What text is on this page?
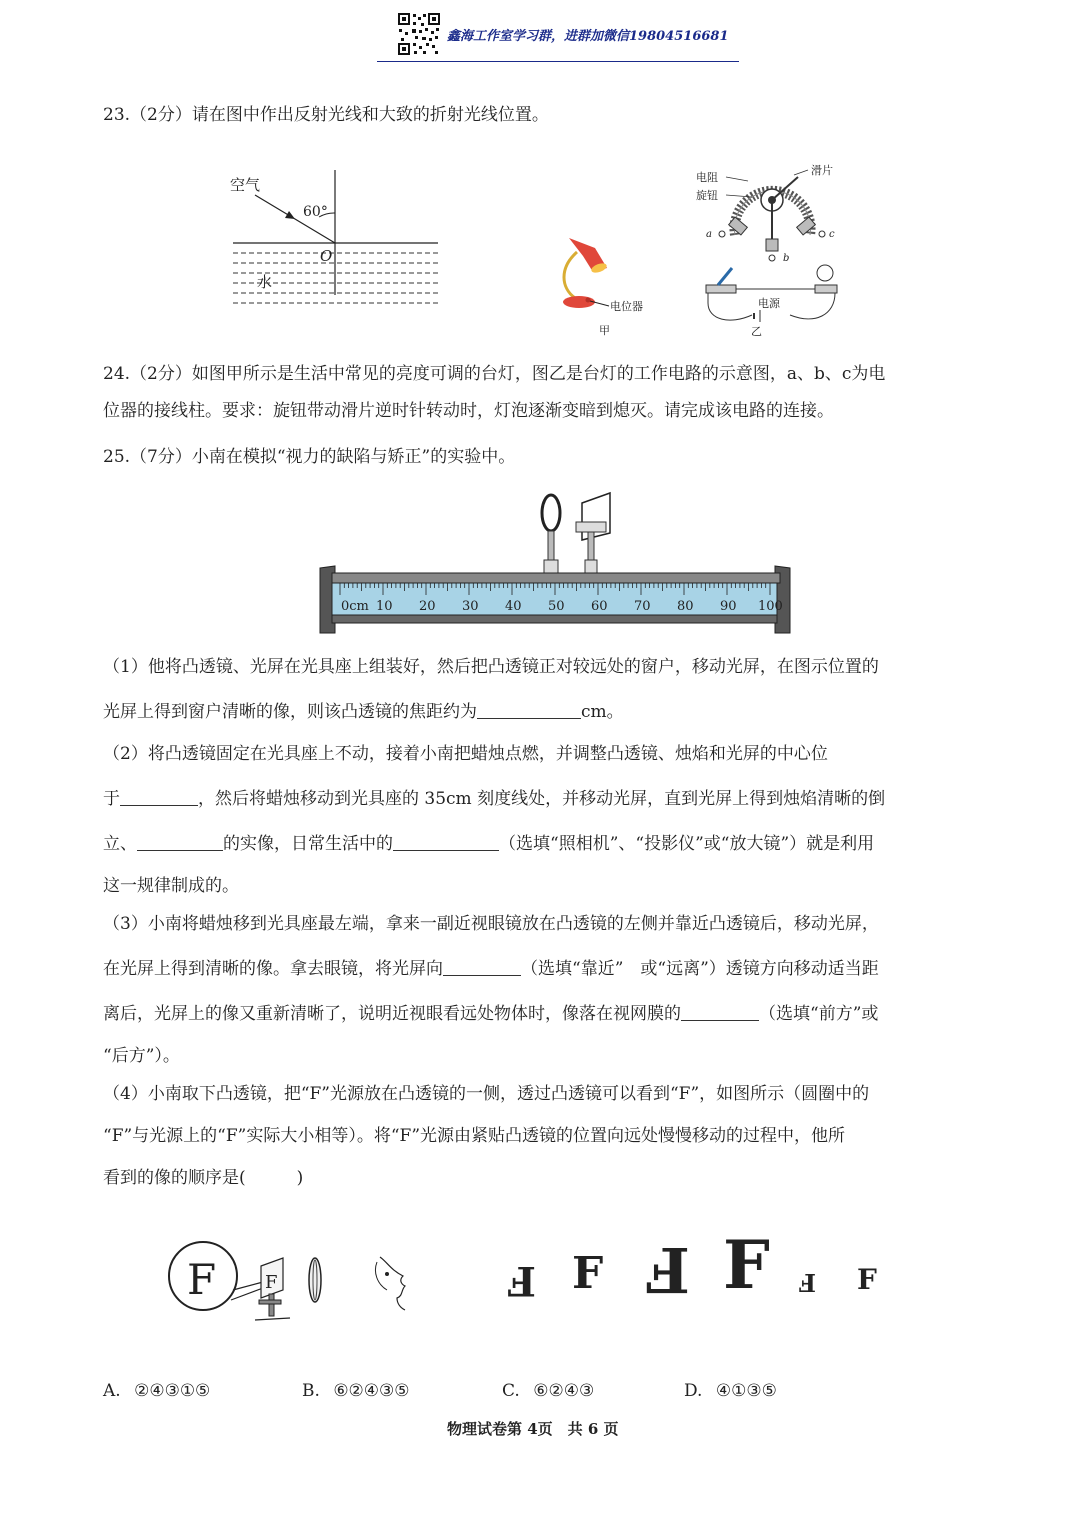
鑫海工作室学习群，进群加微信19804516681
23.（2分）请在图中作出反射光线和大致的折射光线位置。
空气
60°
O
水
电位器
甲
电阻
旋钮
滑片
a
b
c
电源
乙
24.（2分）如图甲所示是生活中常见的亮度可调的台灯，图乙是台灯的工作电路的示意图，a、b、c为电
位器的接线柱。要求：旋钮带动滑片逆时针转动时，灯泡逐渐变暗到熄灭。请完成该电路的连接。
25.（7分）小南在模拟“视力的缺陷与矫正”的实验中。
0cm 10 20 30 40 50 60 70 80 90 100
（1）他将凸透镜、光屏在光具座上组装好，然后把凸透镜正对较远处的窗户，移动光屏，在图示位置的
光屏上得到窗户清晰的像，则该凸透镜的焦距约为	cm。
（2）将凸透镜固定在光具座上不动，接着小南把蜡烛点燃，并调整凸透镜、烛焰和光屏的中心位
于	，然后将蜡烛移动到光具座的 35cm 刻度线处，并移动光屏，直到光屏上得到烛焰清晰的倒
立、	的实像，日常生活中的	（选填“照相机”、“投影仪”或“放大镜”）就是利用
这一规律制成的。
（3）小南将蜡烛移到光具座最左端，拿来一副近视眼镜放在凸透镜的左侧并靠近凸透镜后，移动光屏，
在光屏上得到清晰的像。拿去眼镜，将光屏向	（选填“靠近”　或“远离”）透镜方向移动适当距
离后，光屏上的像又重新清晰了，说明近视眼看远处物体时，像落在视网膜的	（选填“前方”或
“后方”）。
（4）小南取下凸透镜，把“F”光源放在凸透镜的一侧，透过凸透镜可以看到“F”，如图所示（圆圈中的
“F”与光源上的“F”实际大小相等）。将“F”光源由紧贴凸透镜的位置向远处慢慢移动的过程中，他所
看到的像的顺序是(　　　)
F	F	F F F F F F
A. ②④③①⑤	B. ⑥②④③⑤	C. ⑥②④③	D. ④①③⑤
物理试卷第 4页　共 6 页
